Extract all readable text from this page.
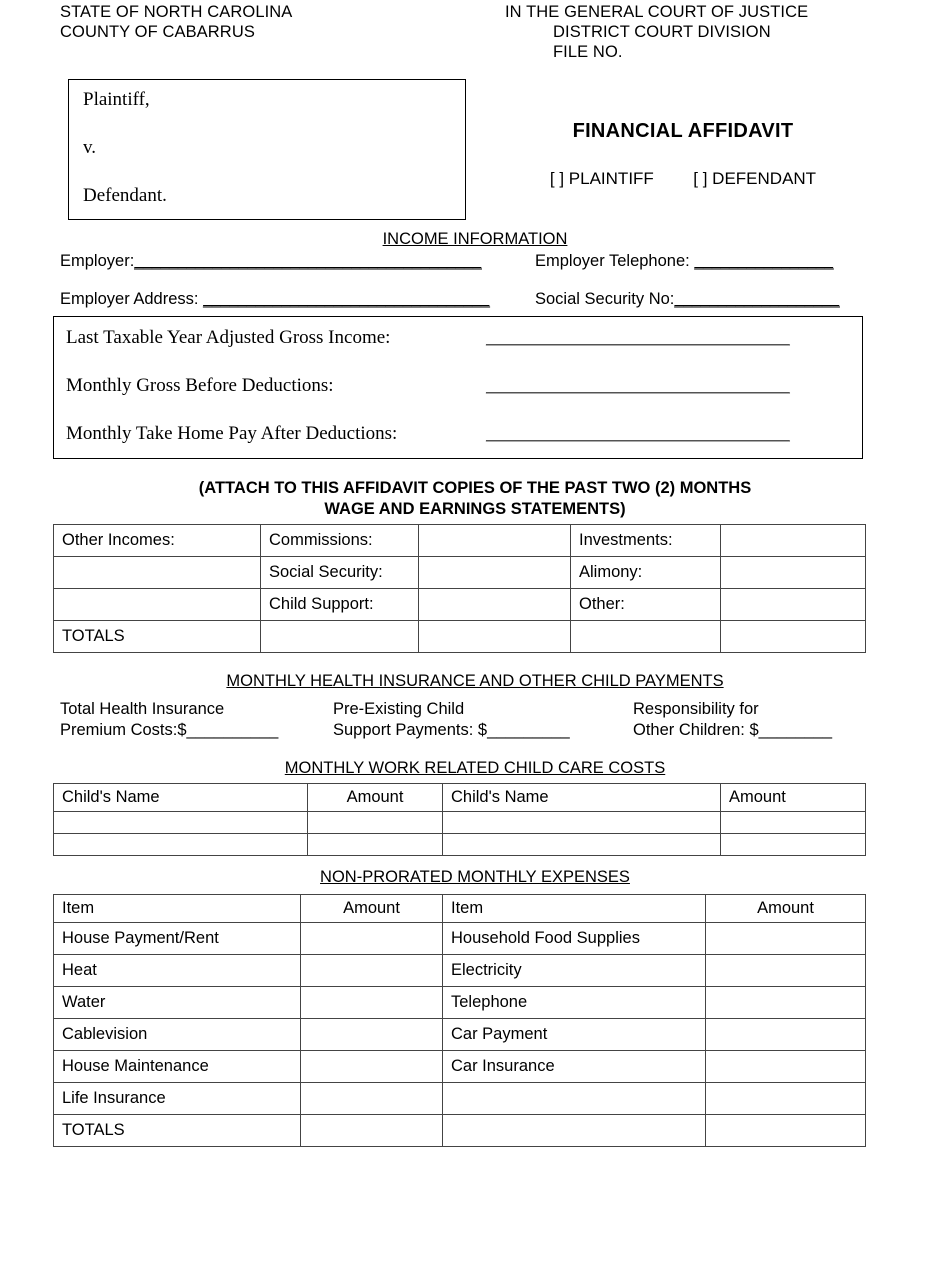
STATE OF NORTH CAROLINA
COUNTY OF CABARRUS
IN THE GENERAL COURT OF JUSTICE
DISTRICT COURT DIVISION
FILE NO.
Plaintiff,
v.
Defendant.
FINANCIAL AFFIDAVIT
[ ] PLAINTIFF [ ] DEFENDANT
INCOME INFORMATION
Employer:________________________________________	Employer Telephone: ________________
Employer Address: _________________________________	Social Security No:___________________
Last Taxable Year Adjusted Gross Income:	_________________________________
Monthly Gross Before Deductions:	_________________________________
Monthly Take Home Pay After Deductions:	_________________________________
(ATTACH TO THIS AFFIDAVIT COPIES OF THE PAST TWO (2) MONTHS
WAGE AND EARNINGS STATEMENTS)
Other Incomes:	Commissions:		Investments:	
	Social Security:		Alimony:	
	Child Support:		Other:	
TOTALS				
MONTHLY HEALTH INSURANCE AND OTHER CHILD PAYMENTS
Total Health Insurance
Premium Costs:$__________
Pre-Existing Child
Support Payments: $_________
Responsibility for
Other Children: $________
MONTHLY WORK RELATED CHILD CARE COSTS
Child's Name	Amount	Child's Name	Amount

NON-PRORATED MONTHLY EXPENSES
Item	Amount	Item	Amount
House Payment/Rent		Household Food Supplies	
Heat		Electricity	
Water		Telephone	
Cablevision		Car Payment	
House Maintenance		Car Insurance	
Life Insurance			
TOTALS			
